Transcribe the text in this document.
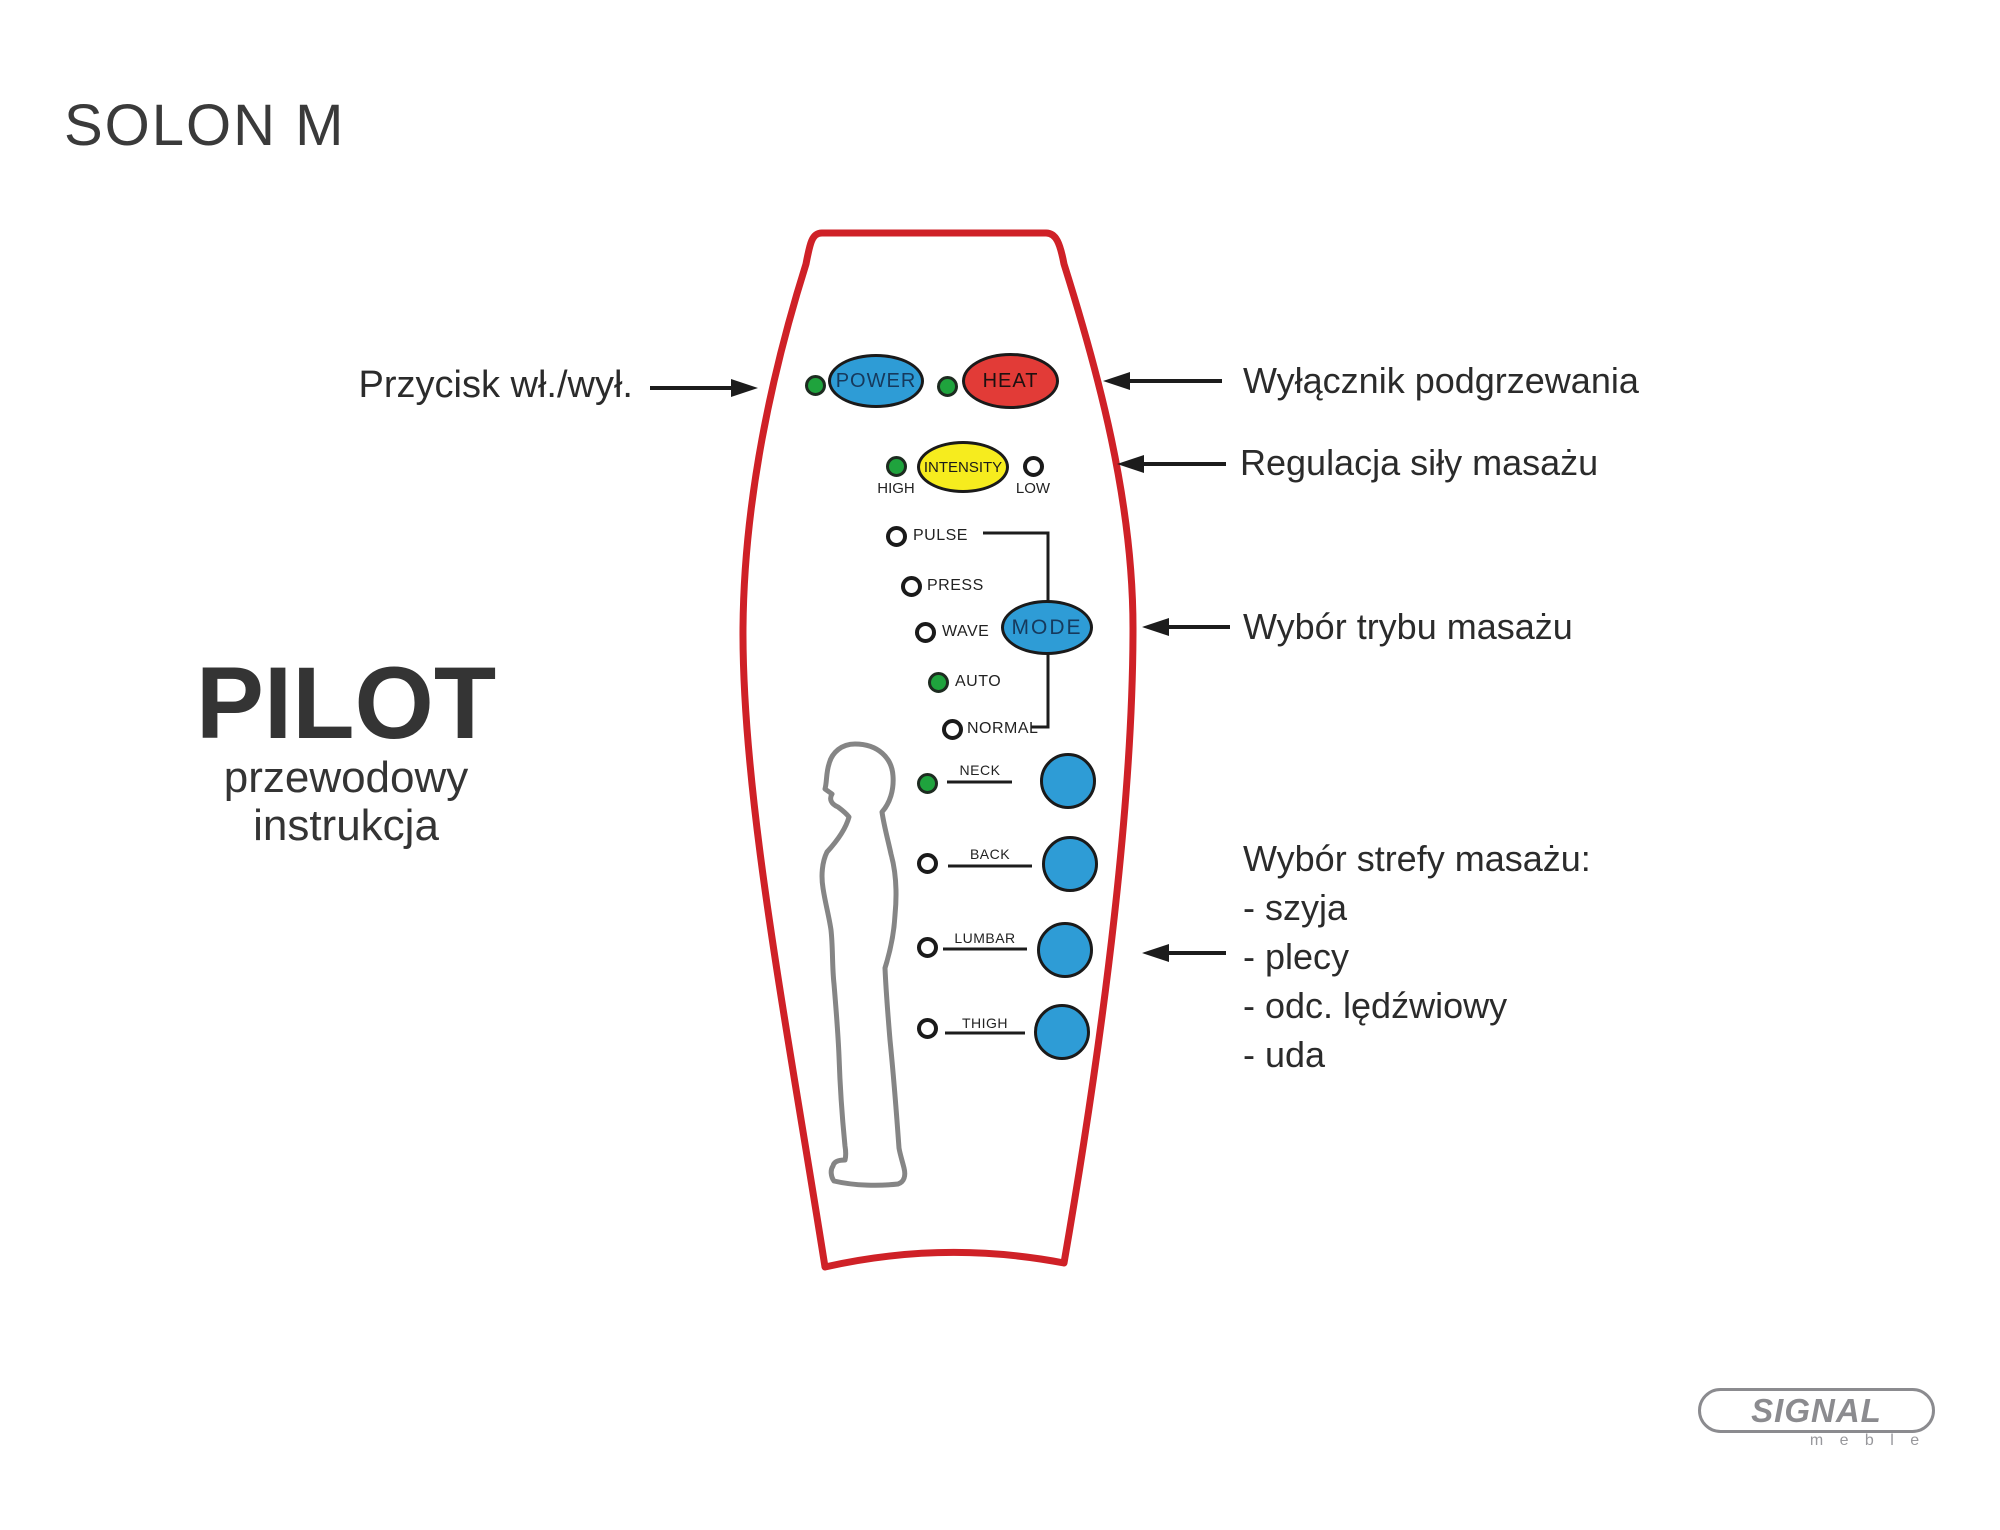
SOLON M
PILOT
przewodowy
instrukcja
Przycisk wł./wył.	Wyłącznik podgrzewania
Regulacja siły masażu
Wybór trybu masażu
Wybór strefy masażu:
- szyja
- plecy
- odc. lędźwiowy
- uda
POWER	HEAT
INTENSITY
HIGH	LOW
PULSE
PRESS
WAVE
AUTO
NORMAL
MODE
NECK
BACK
LUMBAR
THIGH
SIGNAL
m e b l e
